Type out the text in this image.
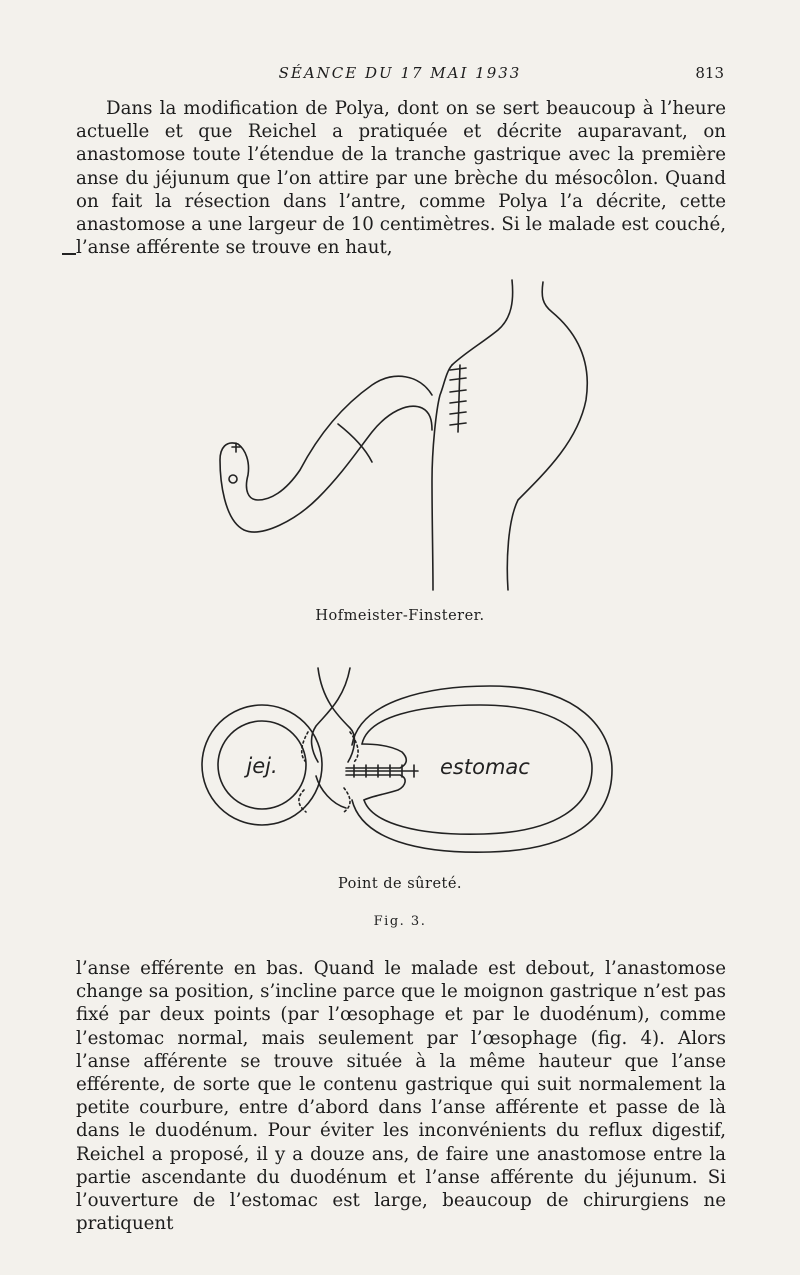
SÉANCE DU 17 MAI 1933	813

Dans la modification de Polya, dont on se sert beaucoup à l’heure actuelle et que Reichel a pratiquée et décrite auparavant, on anastomose toute l’étendue de la tranche gastrique avec la première anse du jéjunum que l’on attire par une brèche du mésocôlon. Quand on fait la résection dans l’antre, comme Polya l’a décrite, cette anastomose a une largeur de 10 centimètres. Si le malade est couché, l’anse afférente se trouve en haut,

jej.	estomac
Hofmeister-Finsterer.
Point de sûreté.
Fig. 3.

l’anse efférente en bas. Quand le malade est debout, l’anastomose change sa position, s’incline parce que le moignon gastrique n’est pas fixé par deux points (par l’œsophage et par le duodénum), comme l’estomac normal, mais seulement par l’œsophage (fig. 4). Alors l’anse afférente se trouve située à la même hauteur que l’anse efférente, de sorte que le contenu gastrique qui suit normalement la petite courbure, entre d’abord dans l’anse afférente et passe de là dans le duodénum. Pour éviter les inconvénients du reflux digestif, Reichel a proposé, il y a douze ans, de faire une anastomose entre la partie ascendante du duodénum et l’anse afférente du jéjunum. Si l’ouverture de l’estomac est large, beaucoup de chirurgiens ne pratiquent
